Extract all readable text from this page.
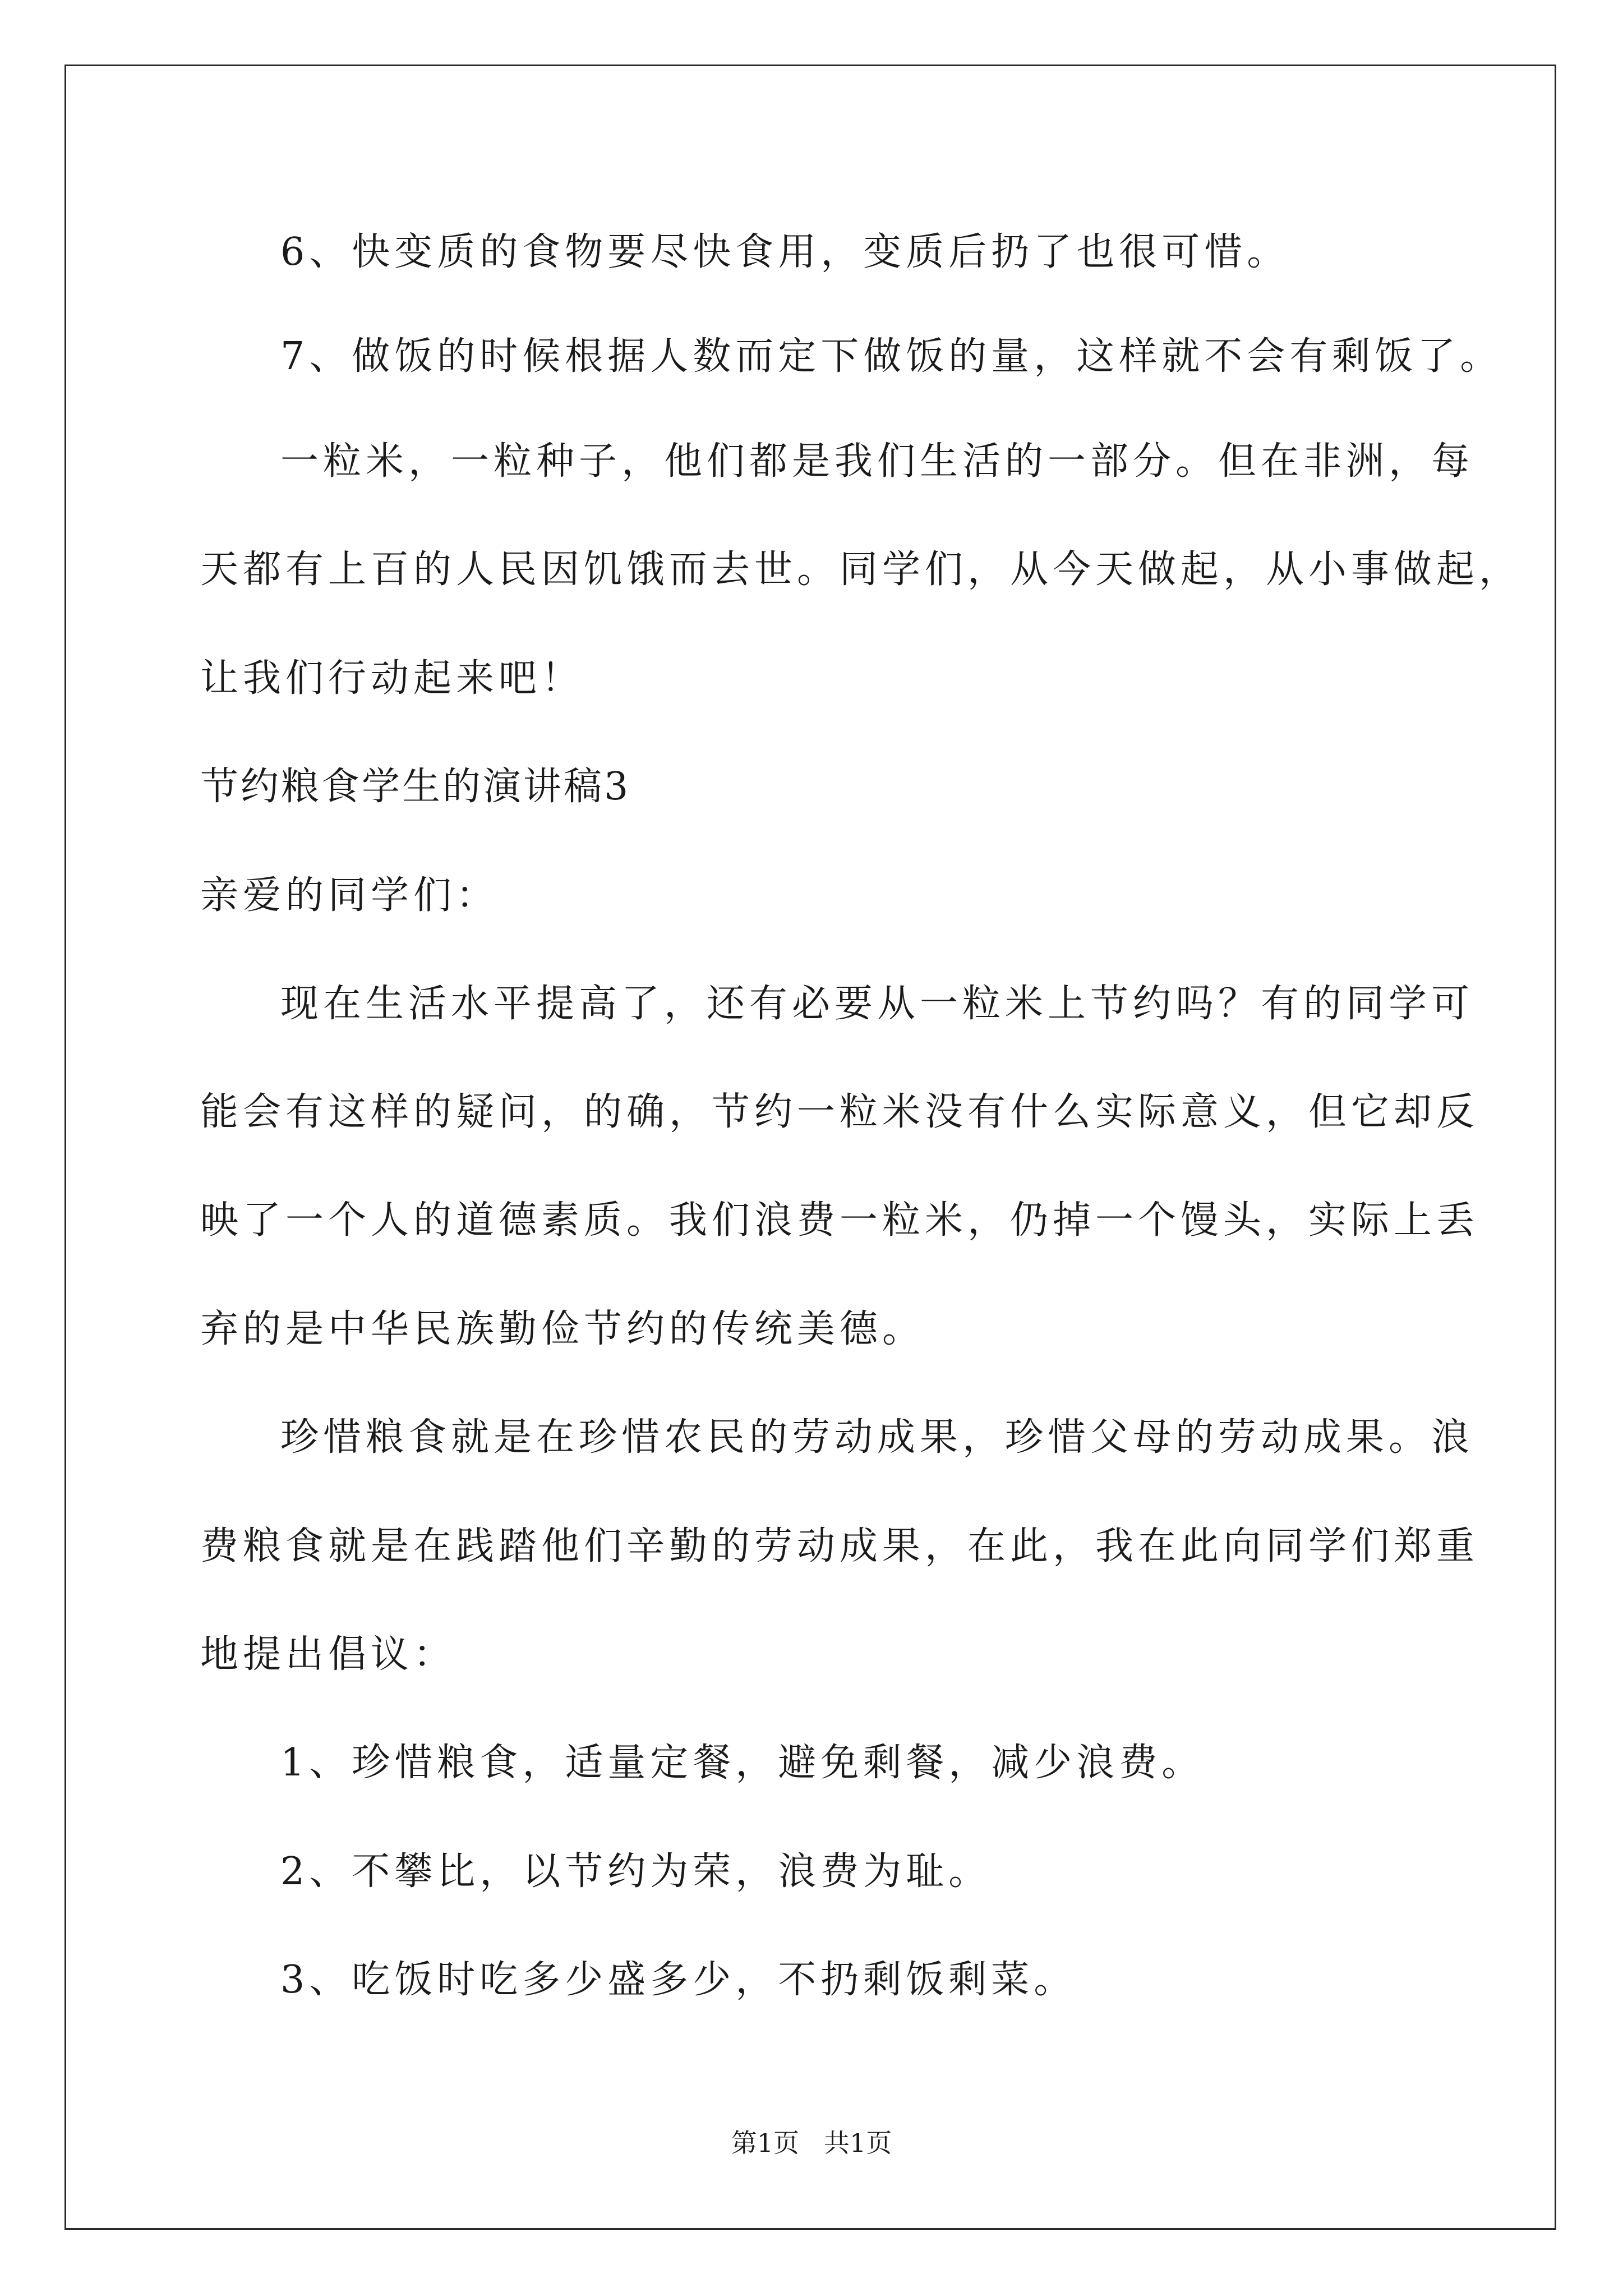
6、快变质的食物要尽快食用，变质后扔了也很可惜。
7、做饭的时候根据人数而定下做饭的量，这样就不会有剩饭了。
一粒米，一粒种子，他们都是我们生活的一部分。但在非洲，每
天都有上百的人民因饥饿而去世。同学们，从今天做起，从小事做起，
让我们行动起来吧！
节约粮食学生的演讲稿3
亲爱的同学们：
现在生活水平提高了，还有必要从一粒米上节约吗？有的同学可
能会有这样的疑问，的确，节约一粒米没有什么实际意义，但它却反
映了一个人的道德素质。我们浪费一粒米，仍掉一个馒头，实际上丢
弃的是中华民族勤俭节约的传统美德。
珍惜粮食就是在珍惜农民的劳动成果，珍惜父母的劳动成果。浪
费粮食就是在践踏他们辛勤的劳动成果，在此，我在此向同学们郑重
地提出倡议：
1、珍惜粮食，适量定餐，避免剩餐，减少浪费。
2、不攀比，以节约为荣，浪费为耻。
3、吃饭时吃多少盛多少，不扔剩饭剩菜。
第1页 共1页
